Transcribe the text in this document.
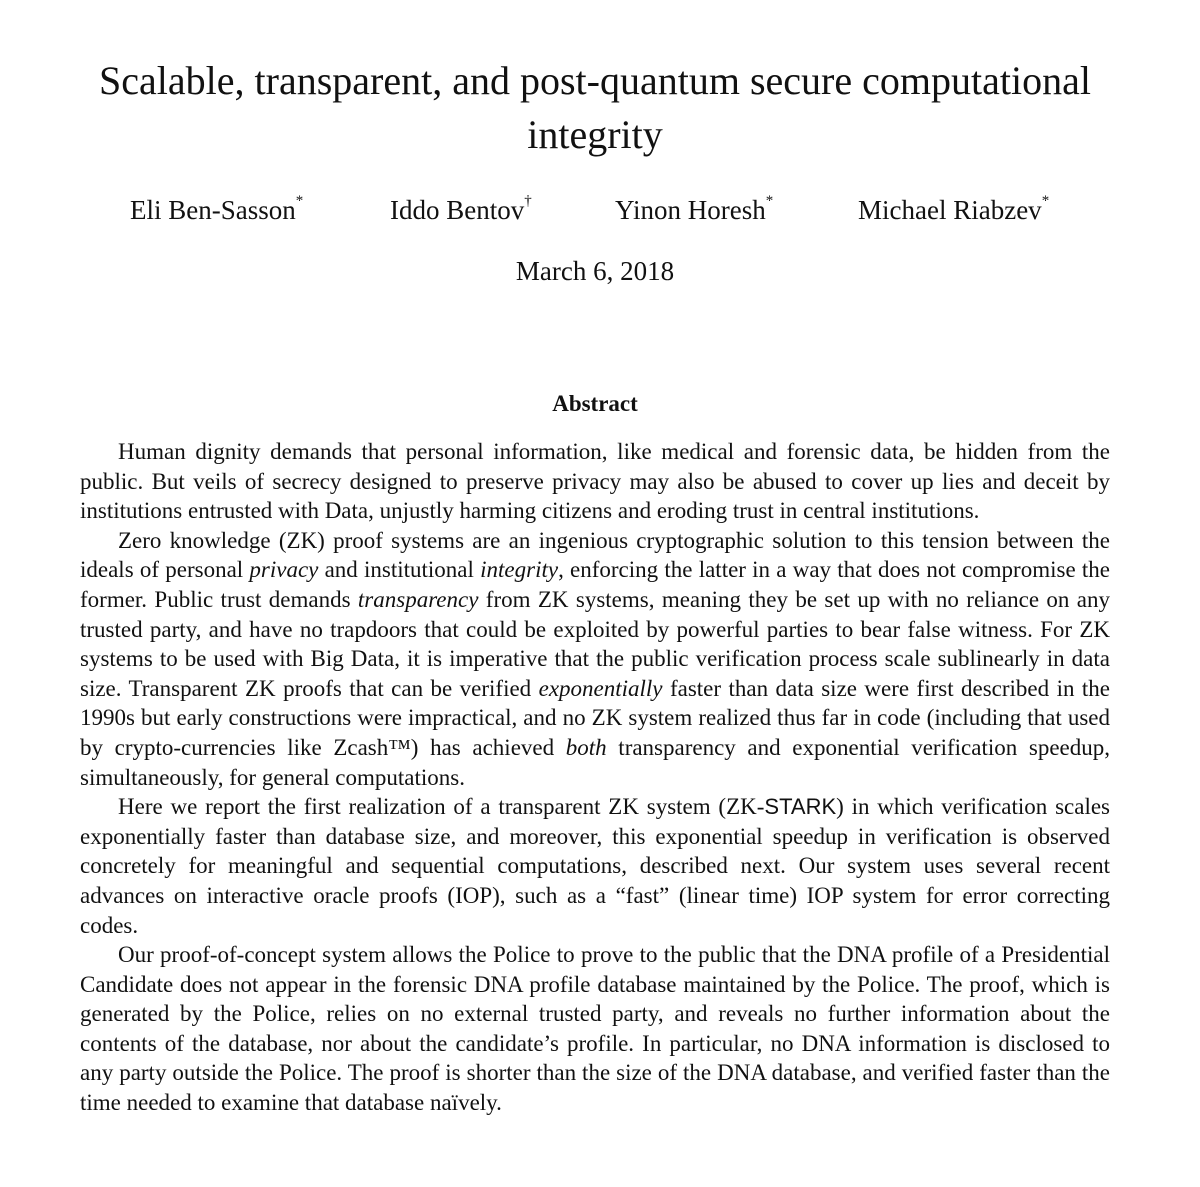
Scalable, transparent, and post-quantum secure computational integrity
Eli Ben-Sasson*	Iddo Bentov†	Yinon Horesh*	Michael Riabzev*
March 6, 2018
Abstract

Human dignity demands that personal information, like medical and forensic data, be hidden from the public. But veils of secrecy designed to preserve privacy may also be abused to cover up lies and deceit by institutions entrusted with Data, unjustly harming citizens and eroding trust in central institutions.

Zero knowledge (ZK) proof systems are an ingenious cryptographic solution to this tension between the ideals of personal privacy and institutional integrity, enforcing the latter in a way that does not compromise the former. Public trust demands transparency from ZK systems, meaning they be set up with no reliance on any trusted party, and have no trapdoors that could be exploited by powerful parties to bear false witness. For ZK systems to be used with Big Data, it is imperative that the public verification process scale sublinearly in data size. Transparent ZK proofs that can be verified exponentially faster than data size were first described in the 1990s but early constructions were impractical, and no ZK system realized thus far in code (including that used by crypto-currencies like Zcash™) has achieved both transparency and exponential verification speedup, simultaneously, for general computations.

Here we report the first realization of a transparent ZK system (ZK-STARK) in which verification scales exponentially faster than database size, and moreover, this exponential speedup in verification is observed concretely for meaningful and sequential computations, described next. Our system uses several recent advances on interactive oracle proofs (IOP), such as a “fast” (linear time) IOP system for error correcting codes.

Our proof-of-concept system allows the Police to prove to the public that the DNA profile of a Presidential Candidate does not appear in the forensic DNA profile database maintained by the Police. The proof, which is generated by the Police, relies on no external trusted party, and reveals no further information about the contents of the database, nor about the candidate’s profile. In particular, no DNA information is disclosed to any party outside the Police. The proof is shorter than the size of the DNA database, and verified faster than the time needed to examine that database naïvely.
